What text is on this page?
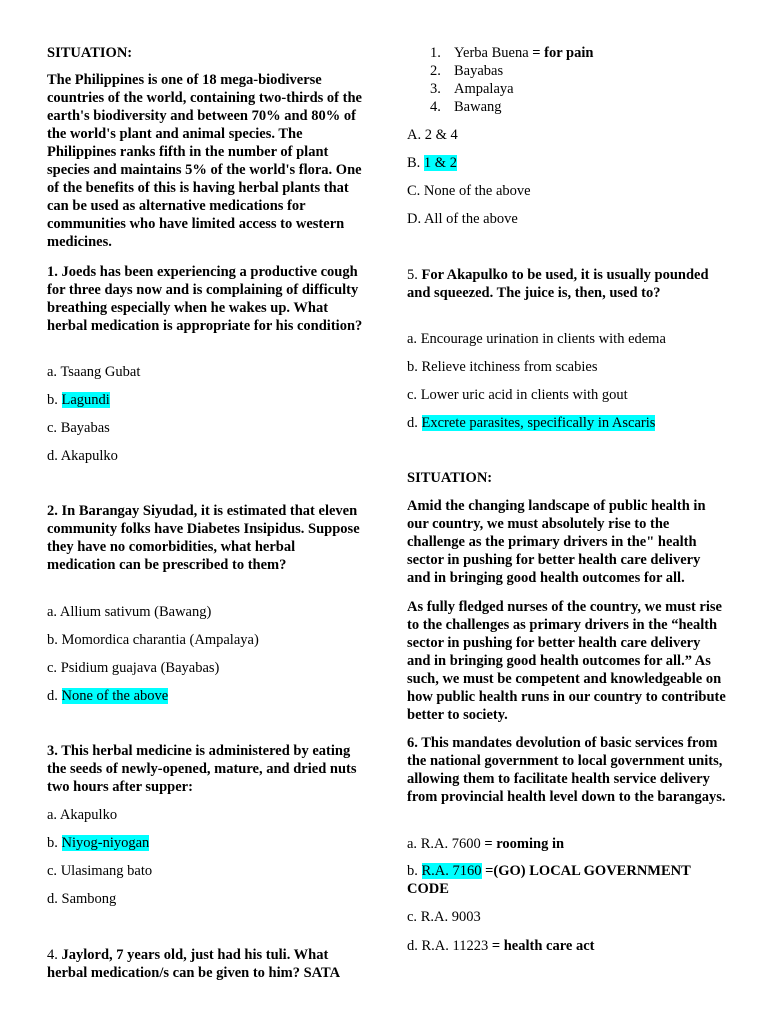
SITUATION:
The Philippines is one of 18 mega-biodiverse countries of the world, containing two-thirds of the earth's biodiversity and between 70% and 80% of the world's plant and animal species. The Philippines ranks fifth in the number of plant species and maintains 5% of the world's flora. One of the benefits of this is having herbal plants that can be used as alternative medications for communities who have limited access to western medicines.
1. Joeds has been experiencing a productive cough for three days now and is complaining of difficulty breathing especially when he wakes up. What herbal medication is appropriate for his condition?
a. Tsaang Gubat
b. Lagundi
c. Bayabas
d. Akapulko
2. In Barangay Siyudad, it is estimated that eleven community folks have Diabetes Insipidus. Suppose they have no comorbidities, what herbal medication can be prescribed to them?
a. Allium sativum (Bawang)
b. Momordica charantia (Ampalaya)
c. Psidium guajava (Bayabas)
d. None of the above
3. This herbal medicine is administered by eating the seeds of newly-opened, mature, and dried nuts two hours after supper:
a. Akapulko
b. Niyog-niyogan
c. Ulasimang bato
d. Sambong
4. Jaylord, 7 years old, just had his tuli. What herbal medication/s can be given to him? SATA
1. Yerba Buena = for pain
2. Bayabas
3. Ampalaya
4. Bawang
A. 2 & 4
B. 1 & 2
C. None of the above
D. All of the above
5. For Akapulko to be used, it is usually pounded and squeezed. The juice is, then, used to?
a. Encourage urination in clients with edema
b. Relieve itchiness from scabies
c. Lower uric acid in clients with gout
d. Excrete parasites, specifically in Ascaris
SITUATION:
Amid the changing landscape of public health in our country, we must absolutely rise to the challenge as the primary drivers in the" health sector in pushing for better health care delivery and in bringing good health outcomes for all.
As fully fledged nurses of the country, we must rise to the challenges as primary drivers in the “health sector in pushing for better health care delivery and in bringing good health outcomes for all.” As such, we must be competent and knowledgeable on how public health runs in our country to contribute better to society.
6. This mandates devolution of basic services from the national government to local government units, allowing them to facilitate health service delivery from provincial health level down to the barangays.
a. R.A. 7600 = rooming in
b. R.A. 7160 =(GO) LOCAL GOVERNMENT CODE
c. R.A. 9003
d. R.A. 11223 = health care act
